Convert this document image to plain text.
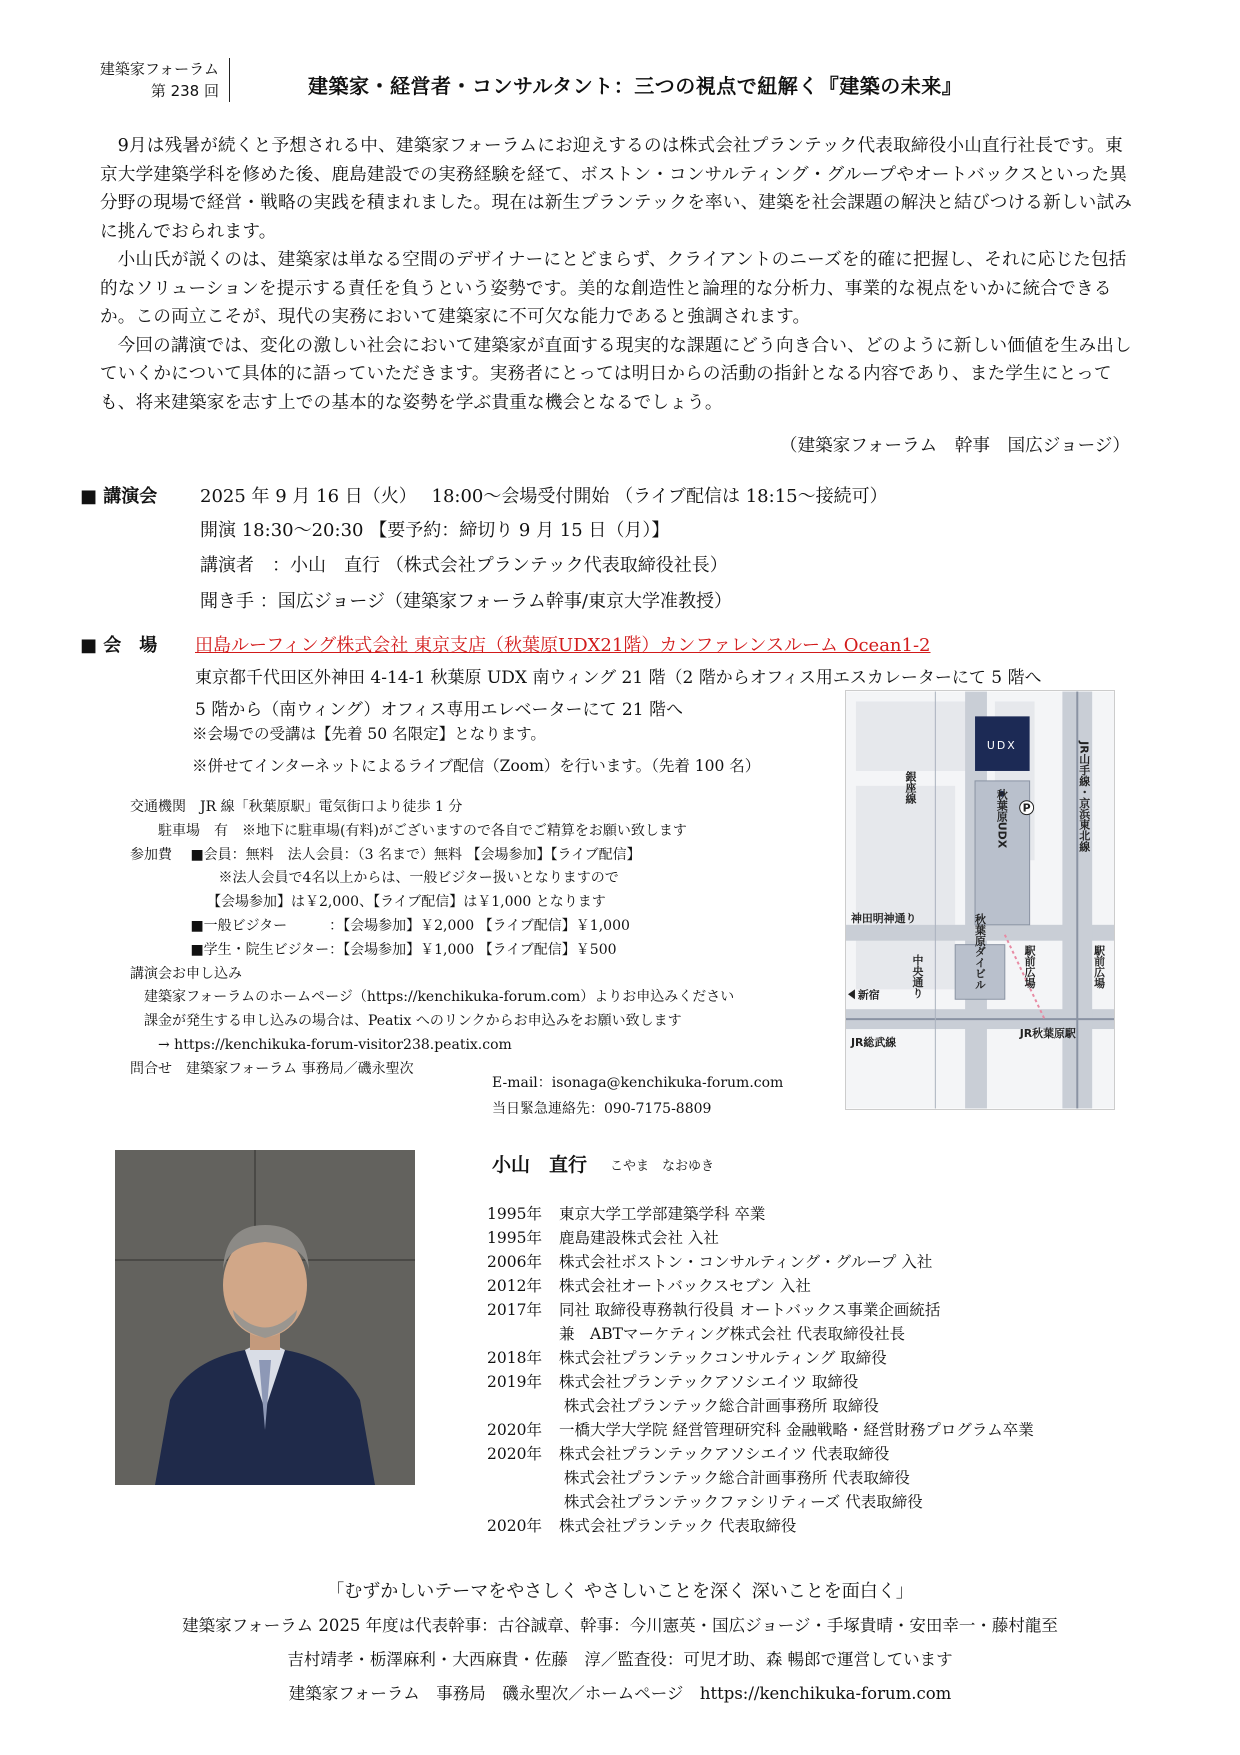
建築家フォーラム
第 238 回	建築家・経営者・コンサルタント：三つの視点で紐解く『建築の未来』

9月は残暑が続くと予想される中、建築家フォーラムにお迎えするのは株式会社プランテック代表取締役小山直行社長です。東京大学建築学科を修めた後、鹿島建設での実務経験を経て、ボストン・コンサルティング・グループやオートバックスといった異分野の現場で経営・戦略の実践を積まれました。現在は新生プランテックを率い、建築を社会課題の解決と結びつける新しい試みに挑んでおられます。

小山氏が説くのは、建築家は単なる空間のデザイナーにとどまらず、クライアントのニーズを的確に把握し、それに応じた包括的なソリューションを提示する責任を負うという姿勢です。美的な創造性と論理的な分析力、事業的な視点をいかに統合できるか。この両立こそが、現代の実務において建築家に不可欠な能力であると強調されます。

今回の講演では、変化の激しい社会において建築家が直面する現実的な課題にどう向き合い、どのように新しい価値を生み出していくかについて具体的に語っていただきます。実務者にとっては明日からの活動の指針となる内容であり、また学生にとっても、将来建築家を志す上での基本的な姿勢を学ぶ貴重な機会となるでしょう。

（建築家フォーラム　幹事　国広ジョージ）
■ 講演会 2025 年 9 月 16 日（火）　 18:00～会場受付開始 （ライブ配信は 18:15～接続可）
開演 18:30～20:30 【要予約：締切り 9 月 15 日（月）】
講演者　：小山　直行 （株式会社プランテック代表取締役社長）
聞き手 ：国広ジョージ（建築家フォーラム幹事/東京大学准教授）
■ 会　場 田島ルーフィング株式会社 東京支店（秋葉原UDX21階）カンファレンスルーム Ocean1-2
東京都千代田区外神田 4-14-1 秋葉原 UDX 南ウィング 21 階（2 階からオフィス用エスカレーターにて 5 階へ
5 階から（南ウィング）オフィス専用エレベーターにて 21 階へ
※会場での受講は【先着 50 名限定】となります。
※併せてインターネットによるライブ配信（Zoom）を行います。（先着 100 名）
交通機関　JR 線「秋葉原駅」電気街口より徒歩 1 分
　　駐車場　有　※地下に駐車場(有料)がございますので各自でご精算をお願い致します
参加費　 ■会員：無料　法人会員：（3 名まで）無料 【会場参加】【ライブ配信】
　　　　　　 ※法人会員で4名以上からは、一般ビジター扱いとなりますので
　　　　　　【会場参加】は￥2,000、【ライブ配信】は￥1,000 となります
　　　　 ■一般ビジター　　　：【会場参加】￥2,000 【ライブ配信】￥1,000
　　　　 ■学生・院生ビジター：【会場参加】￥1,000 【ライブ配信】￥500
講演会お申し込み
　建築家フォーラムのホームページ（https://kenchikuka-forum.com）よりお申込みください
　課金が発生する申し込みの場合は、Peatix へのリンクからお申込みをお願い致します
　　→ https://kenchikuka-forum-visitor238.peatix.com
問合せ　建築家フォーラム 事務局／磯永聖次
E-mail：isonaga@kenchikuka-forum.com
当日緊急連絡先：090-7175-8809
UDX
P
秋葉原UDX
秋葉原ダイビル
JR山手線・京浜東北線
銀座線
神田明神通り
中央通り	駅前広場	駅前広場
新宿
JR秋葉原駅
JR総武線
小山　直行 こやま　なおゆき
1995年	東京大学工学部建築学科 卒業
1995年	鹿島建設株式会社 入社
2006年	株式会社ボストン・コンサルティング・グループ 入社
2012年	株式会社オートバックスセブン 入社
2017年	同社 取締役専務執行役員 オートバックス事業企画統括
兼　ABTマーケティング株式会社 代表取締役社長
2018年	株式会社プランテックコンサルティング 取締役
2019年	株式会社プランテックアソシエイツ 取締役
株式会社プランテック総合計画事務所 取締役
2020年	一橋大学大学院 経営管理研究科 金融戦略・経営財務プログラム卒業
2020年	株式会社プランテックアソシエイツ 代表取締役
株式会社プランテック総合計画事務所 代表取締役
株式会社プランテックファシリティーズ 代表取締役
2020年	株式会社プランテック 代表取締役
「むずかしいテーマをやさしく やさしいことを深く 深いことを面白く」
建築家フォーラム 2025 年度は代表幹事：古谷誠章、幹事：今川憲英・国広ジョージ・手塚貴晴・安田幸一・藤村龍至
吉村靖孝・栃澤麻利・大西麻貴・佐藤　淳／監査役：可児才助、森 暢郎で運営しています
建築家フォーラム　事務局　磯永聖次／ホームページ　https://kenchikuka-forum.com
